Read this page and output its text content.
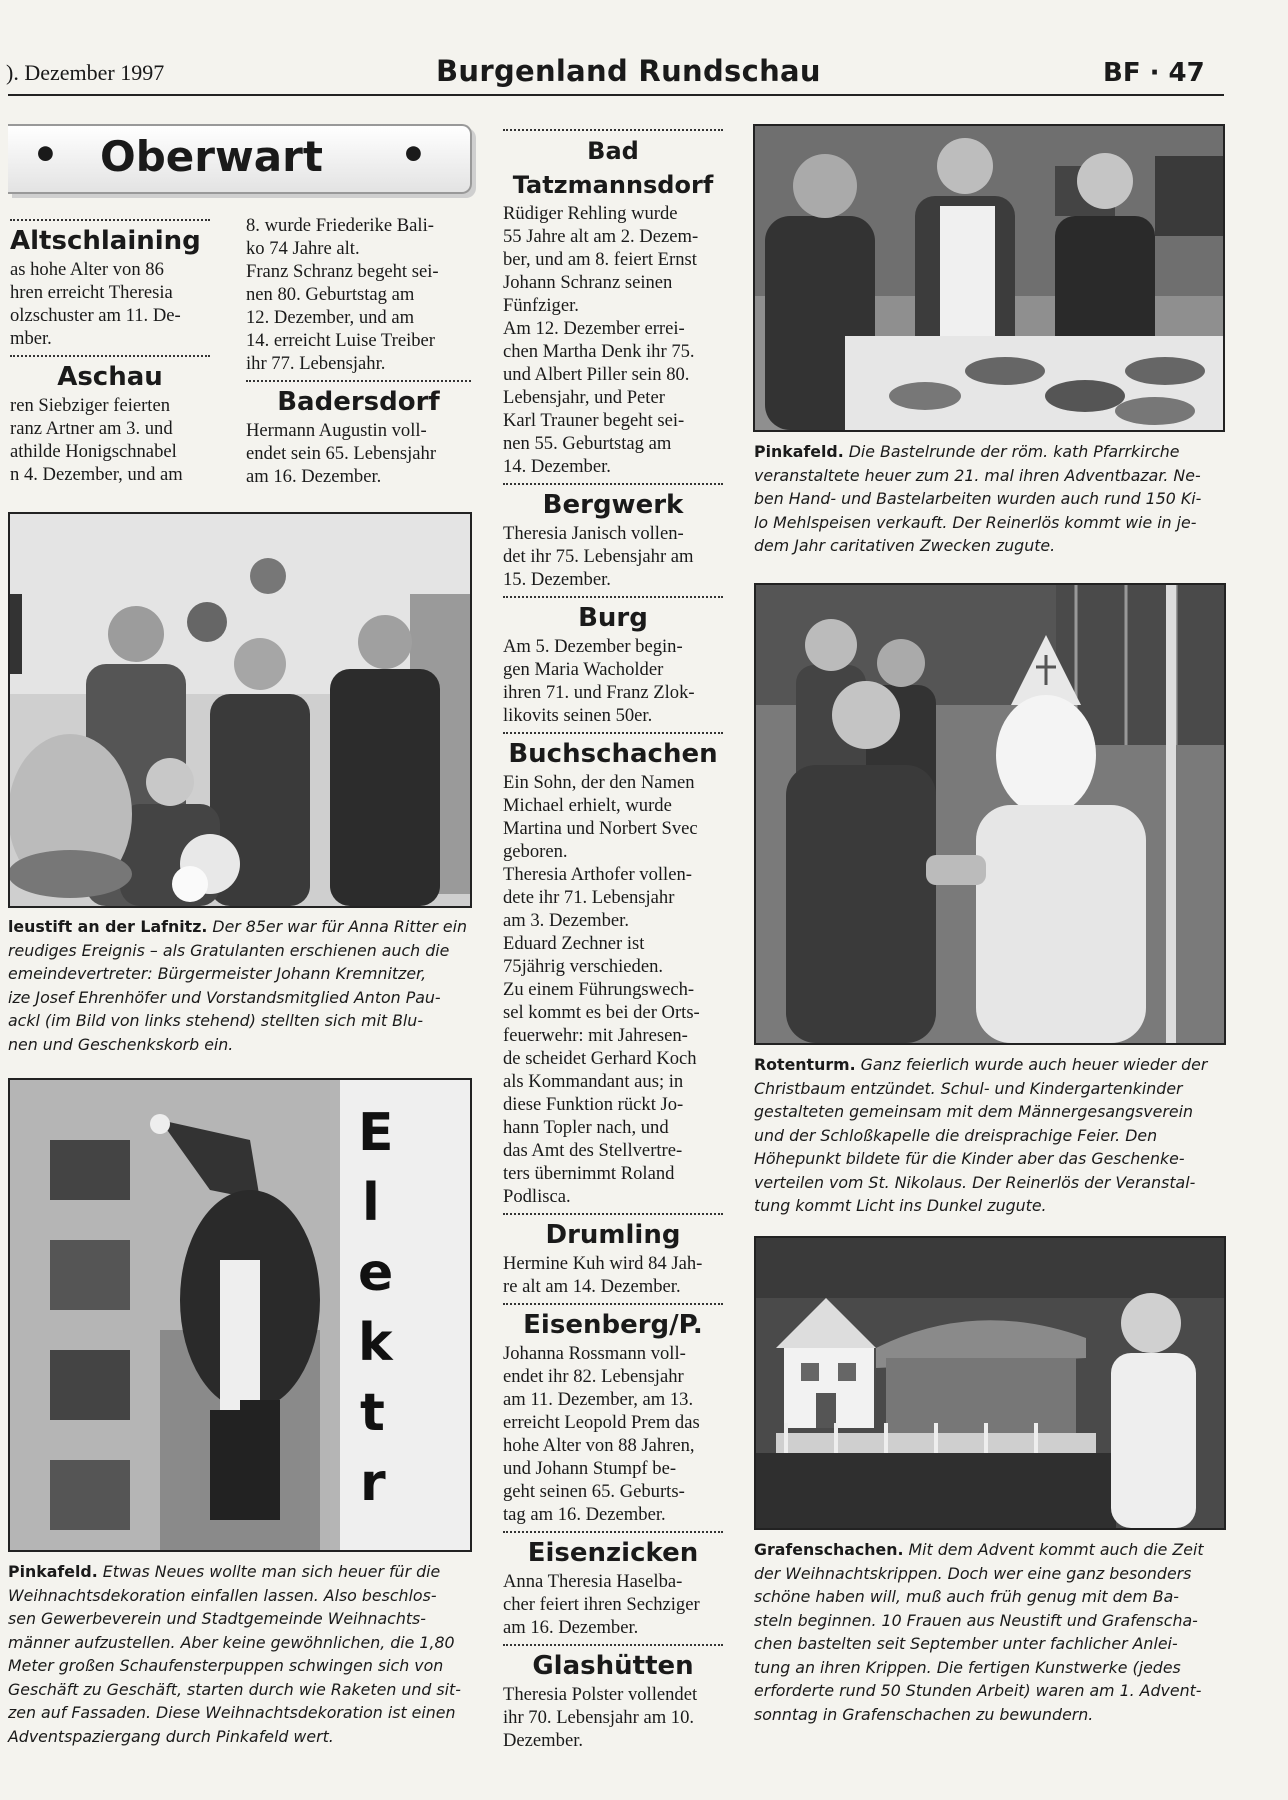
). Dezember 1997	Burgenland Rundschau	BF · 47
• Oberwart •
Altschlaining

as hohe Alter von 86

hren erreicht Theresia

olzschuster am 11. De-

mber.

Aschau

ren Siebziger feierten

ranz Artner am 3. und

athilde Honigschnabel

n 4. Dezember, und am

8. wurde Friederike Bali-

ko 74 Jahre alt.

Franz Schranz begeht sei-

nen 80. Geburtstag am

12. Dezember, und am

14. erreicht Luise Treiber

ihr 77. Lebensjahr.

Badersdorf

Hermann Augustin voll-

endet sein 65. Lebensjahr

am 16. Dezember.

leustift an der Lafnitz. Der 85er war für Anna Ritter ein

reudiges Ereignis – als Gratulanten erschienen auch die

emeindevertreter: Bürgermeister Johann Kremnitzer,

ize Josef Ehrenhöfer und Vorstandsmitglied Anton Pau-

ackl (im Bild von links stehend) stellten sich mit Blu-

nen und Geschenkskorb ein.

E
l
e
k
t
r

Pinkafeld. Etwas Neues wollte man sich heuer für die

Weihnachtsdekoration einfallen lassen. Also beschlos-

sen Gewerbeverein und Stadtgemeinde Weihnachts-

männer aufzustellen. Aber keine gewöhnlichen, die 1,80

Meter großen Schaufensterpuppen schwingen sich von

Geschäft zu Geschäft, starten durch wie Raketen und sit-

zen auf Fassaden. Diese Weihnachtsdekoration ist einen

Adventspaziergang durch Pinkafeld wert.

Bad Tatzmannsdorf

Rüdiger Rehling wurde

55 Jahre alt am 2. Dezem-

ber, und am 8. feiert Ernst

Johann Schranz seinen

Fünfziger.

Am 12. Dezember errei-

chen Martha Denk ihr 75.

und Albert Piller sein 80.

Lebensjahr, und Peter

Karl Trauner begeht sei-

nen 55. Geburtstag am

14. Dezember.

Bergwerk

Theresia Janisch vollen-

det ihr 75. Lebensjahr am

15. Dezember.

Burg

Am 5. Dezember begin-

gen Maria Wacholder

ihren 71. und Franz Zlok-

likovits seinen 50er.

Buchschachen

Ein Sohn, der den Namen

Michael erhielt, wurde

Martina und Norbert Svec

geboren.

Theresia Arthofer vollen-

dete ihr 71. Lebensjahr

am 3. Dezember.

Eduard Zechner ist

75jährig verschieden.

Zu einem Führungswech-

sel kommt es bei der Orts-

feuerwehr: mit Jahresen-

de scheidet Gerhard Koch

als Kommandant aus; in

diese Funktion rückt Jo-

hann Topler nach, und

das Amt des Stellvertre-

ters übernimmt Roland

Podlisca.

Drumling

Hermine Kuh wird 84 Jah-

re alt am 14. Dezember.

Eisenberg/P.

Johanna Rossmann voll-

endet ihr 82. Lebensjahr

am 11. Dezember, am 13.

erreicht Leopold Prem das

hohe Alter von 88 Jahren,

und Johann Stumpf be-

geht seinen 65. Geburts-

tag am 16. Dezember.

Eisenzicken

Anna Theresia Haselba-

cher feiert ihren Sechziger

am 16. Dezember.

Glashütten

Theresia Polster vollendet

ihr 70. Lebensjahr am 10.

Dezember.

Pinkafeld. Die Bastelrunde der röm. kath Pfarrkirche

veranstaltete heuer zum 21. mal ihren Adventbazar. Ne-

ben Hand- und Bastelarbeiten wurden auch rund 150 Ki-

lo Mehlspeisen verkauft. Der Reinerlös kommt wie in je-

dem Jahr caritativen Zwecken zugute.

Rotenturm. Ganz feierlich wurde auch heuer wieder der

Christbaum entzündet. Schul- und Kindergartenkinder

gestalteten gemeinsam mit dem Männergesangsverein

und der Schloßkapelle die dreisprachige Feier. Den

Höhepunkt bildete für die Kinder aber das Geschenke-

verteilen vom St. Nikolaus. Der Reinerlös der Veranstal-

tung kommt Licht ins Dunkel zugute.

Grafenschachen. Mit dem Advent kommt auch die Zeit

der Weihnachtskrippen. Doch wer eine ganz besonders

schöne haben will, muß auch früh genug mit dem Ba-

steln beginnen. 10 Frauen aus Neustift und Grafenscha-

chen bastelten seit September unter fachlicher Anlei-

tung an ihren Krippen. Die fertigen Kunstwerke (jedes

erforderte rund 50 Stunden Arbeit) waren am 1. Advent-

sonntag in Grafenschachen zu bewundern.
